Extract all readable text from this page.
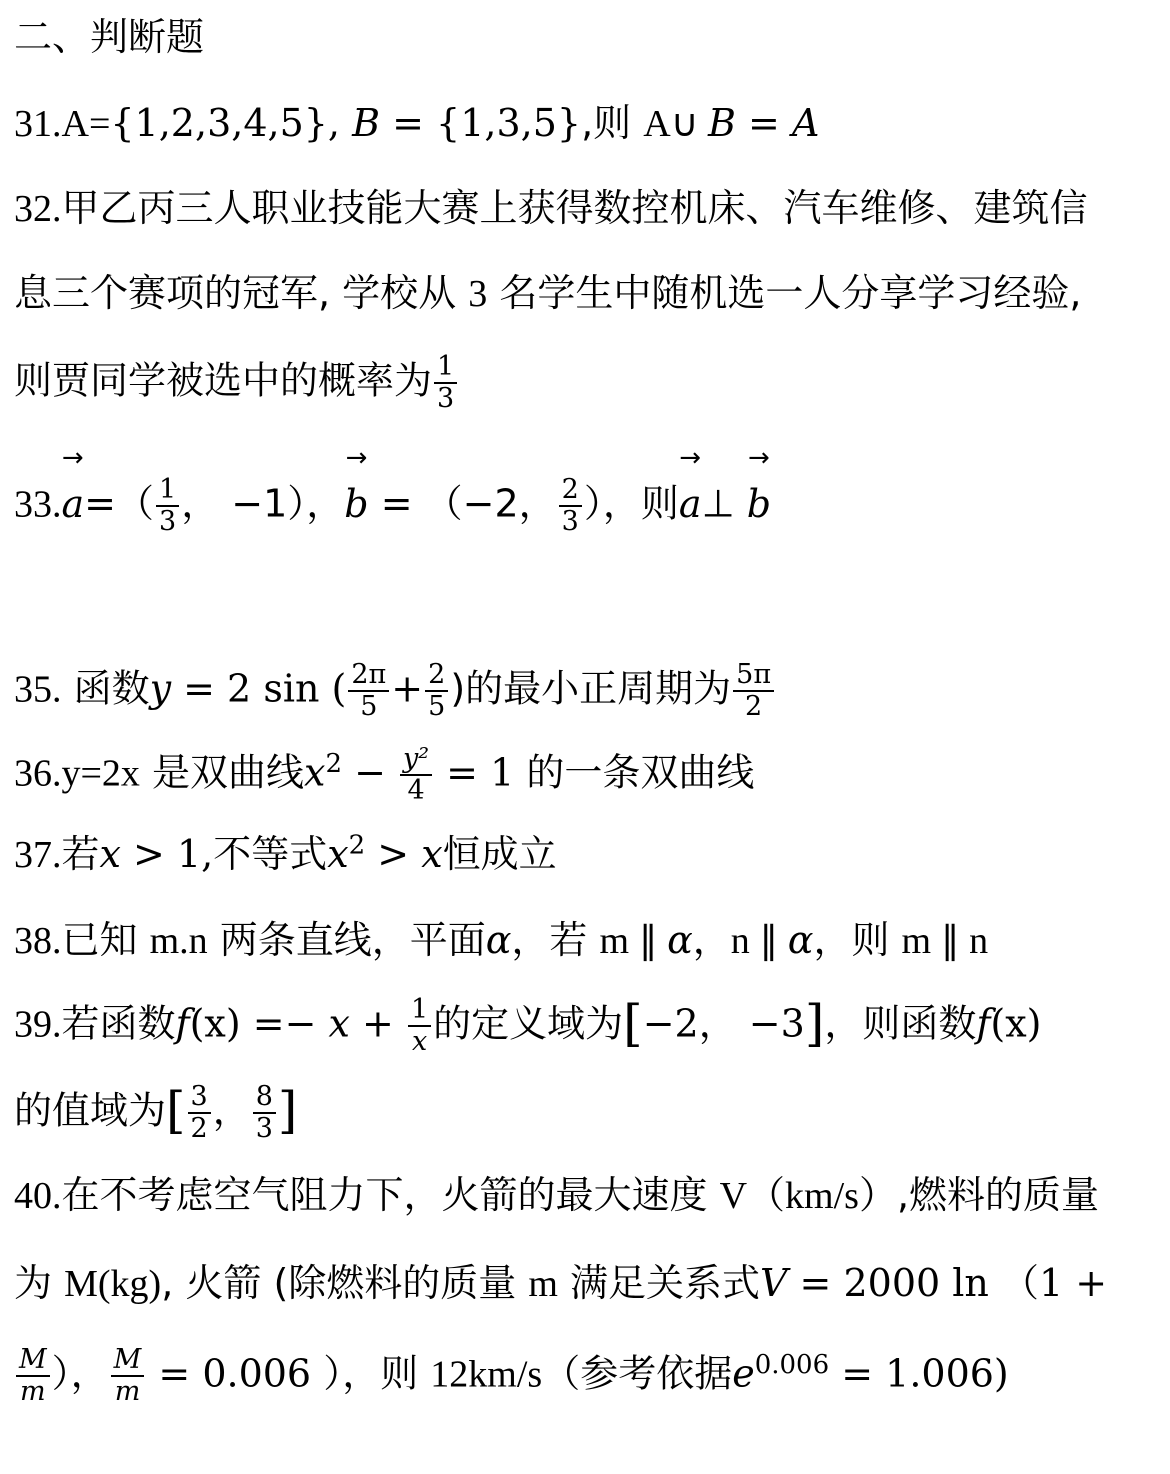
二、判断题
31.A={1,2,3,4,5}, B = {1,3,5},则 A∪ B = A
32.甲乙丙三人职业技能大赛上获得数控机床、汽车维修、建筑信
息三个赛项的冠军, 学校从 3 名学生中随机选一人分享学习经验,
则贾同学被选中的概率为 $\frac{1}{3}$
33.
→
$a=( \frac{1}{3}$ ， −1），
→
b = （−2， $\frac{2}{3}$ ），则
→
a⊥
→
b
35. 函数y = 2 sin ( $\frac{2\pi}{5} + \frac{2}{5}$ )的最小正周期为 $\frac{5\pi}{2}$
36.y=2x 是双曲线$x^2 - \frac{\text{y²}}{4} = 1$ 的一条双曲线
37.若x > 1,不等式$x^2 > x$恒成立
38.已知 m.n 两条直线，平面α，若 m ∥ α，n ∥ α，则 m ∥ n
39.若函数$f(x) =- x + \frac{1}{x}$ 的定义域为[−2， −3]，则函数f(x)
的值域为[ $\frac{3}{2}$ ， $\frac{8}{3}$ ]
40.在不考虑空气阻力下，火箭的最大速度 V（km/s）,燃料的质量
为 M(kg), 火箭 (除燃料的质量 m 满足关系式V = 2000 ln （1 +
$\frac{M}{m}$ ）， $\frac{M}{m} = 0.006$ ），则 12km/s（参考依据$e^{0.006} = 1.006$)
